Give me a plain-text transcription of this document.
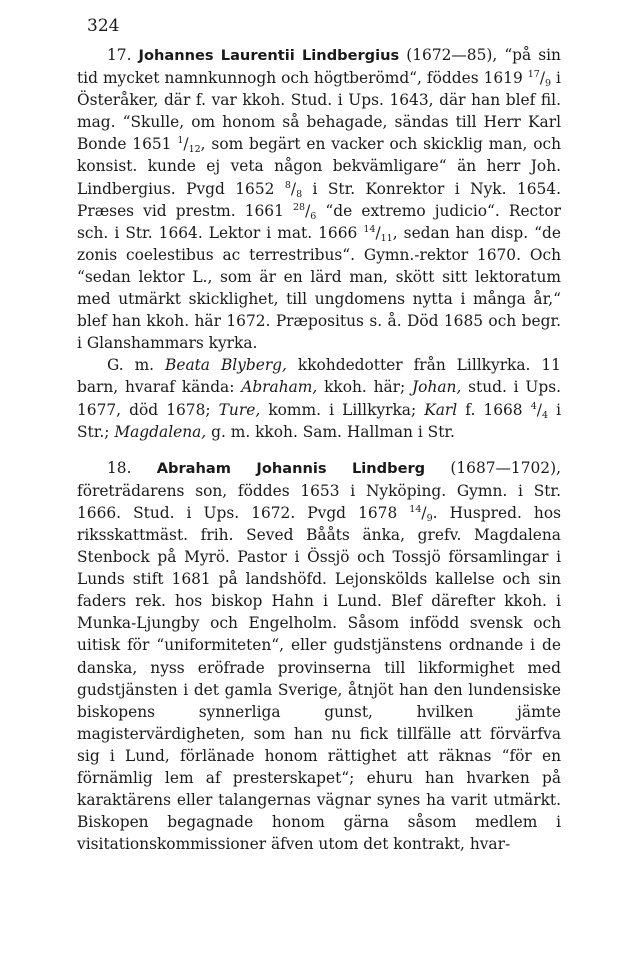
324

17. Johannes Laurentii Lindbergius (1672—85), “på sin tid mycket namnkunnogh och högtberömd“, föddes 1619 $^{17}/_9$ i Österåker, där f. var kkoh. Stud. i Ups. 1643, där han blef fil. mag. “Skulle, om honom så behagade, sändas till Herr Karl Bonde 1651 $^1/_{12}$, som begärt en vacker och skicklig man, och konsist. kunde ej veta någon bekvämligare“ än herr Joh. Lindbergius. Pvgd 1652 $^8/_8$ i Str. Konrektor i Nyk. 1654. Præses vid prestm. 1661 $^{28}/_6$ “de extremo judicio“. Rector sch. i Str. 1664. Lektor i mat. 1666 $^{14}/_{11}$, sedan han disp. “de zonis coelestibus ac terrestribus“. Gymn.-rektor 1670. Och “sedan lektor L., som är en lärd man, skött sitt lektoratum med utmärkt skicklighet, till ungdomens nytta i många år,“ blef han kkoh. här 1672. Præpositus s. å. Död 1685 och begr. i Glanshammars kyrka.

G. m. Beata Blyberg, kkohdedotter från Lillkyrka. 11 barn, hvaraf kända: Abraham, kkoh. här; Johan, stud. i Ups. 1677, död 1678; Ture, komm. i Lillkyrka; Karl f. 1668 $^4/_4$ i Str.; Magdalena, g. m. kkoh. Sam. Hallman i Str.

18. Abraham Johannis Lindberg (1687—1702), företrädarens son, föddes 1653 i Nyköping. Gymn. i Str. 1666. Stud. i Ups. 1672. Pvgd 1678 $^{14}/_9$. Huspred. hos riksskattmäst. frih. Seved Bååts änka, grefv. Magdalena Stenbock på Myrö. Pastor i Össjö och Tossjö församlingar i Lunds stift 1681 på landshöfd. Lejonskölds kallelse och sin faders rek. hos biskop Hahn i Lund. Blef därefter kkoh. i Munka-Ljungby och Engelholm. Såsom infödd svensk och uitisk för “uniformiteten“, eller gudstjänstens ordnande i de danska, nyss eröfrade provinserna till likformighet med gudstjänsten i det gamla Sverige, åtnjöt han den lundensiske biskopens synnerliga gunst, hvilken jämte magistervärdigheten, som han nu fick tillfälle att förvärfva sig i Lund, förlänade honom rättighet att räknas “för en förnämlig lem af presterskapet“; ehuru han hvarken på karaktärens eller talangernas vägnar synes ha varit utmärkt. Biskopen begagnade honom gärna såsom medlem i visitationskommissioner äfven utom det kontrakt, hvar-
